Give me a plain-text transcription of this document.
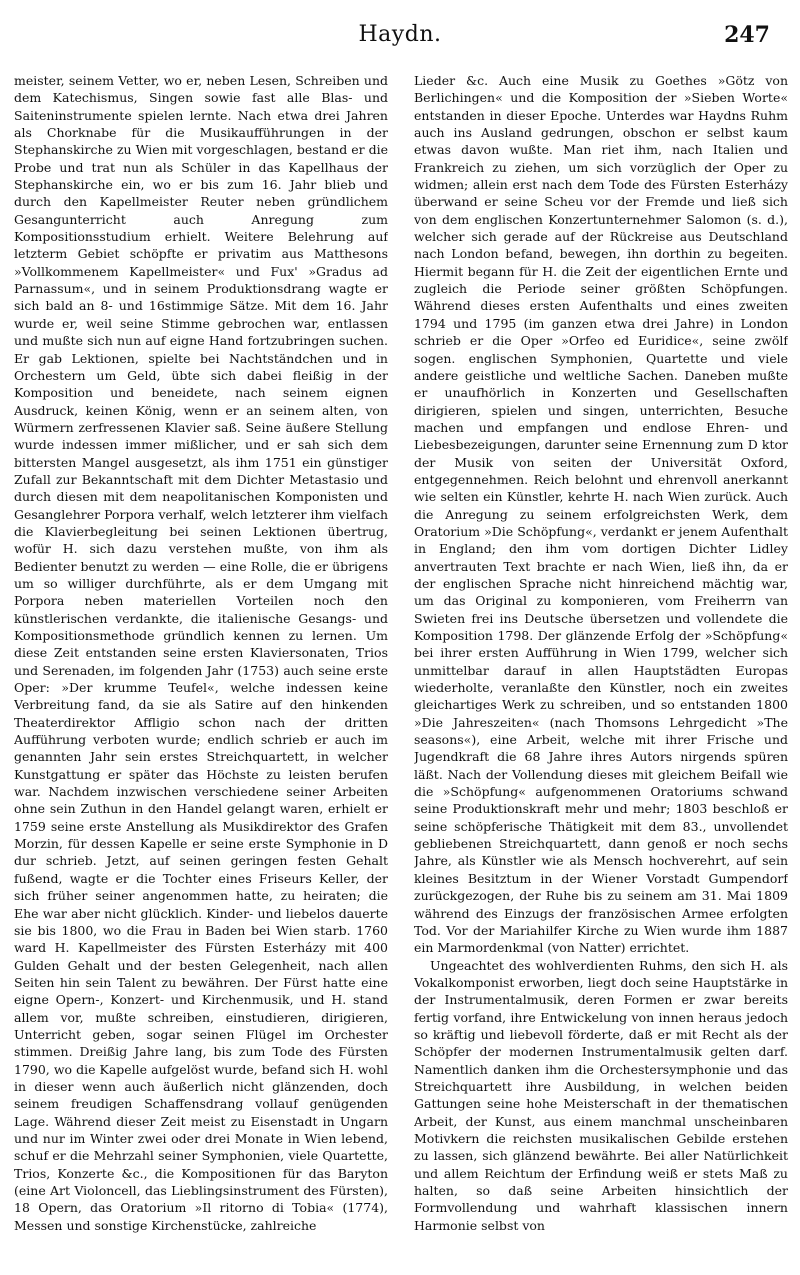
Haydn.	247

meister, seinem Vetter, wo er, neben Lesen, Schreiben und dem Katechismus, Singen sowie fast alle Blas- und Saiteninstrumente spielen lernte. Nach etwa drei Jahren als Chorknabe für die Musikaufführungen in der Stephanskirche zu Wien mit vorgeschlagen, bestand er die Probe und trat nun als Schüler in das Kapellhaus der Stephanskirche ein, wo er bis zum 16. Jahr blieb und durch den Kapellmeister Reuter neben gründlichem Gesangunterricht auch Anregung zum Kompositionsstudium erhielt. Weitere Belehrung auf letzterm Gebiet schöpfte er privatim aus Matthesons »Vollkommenem Kapellmeister« und Fux' »Gradus ad Parnassum«, und in seinem Produktionsdrang wagte er sich bald an 8- und 16stimmige Sätze. Mit dem 16. Jahr wurde er, weil seine Stimme gebrochen war, entlassen und mußte sich nun auf eigne Hand fortzubringen suchen. Er gab Lektionen, spielte bei Nachtständchen und in Orchestern um Geld, übte sich dabei fleißig in der Komposition und beneidete, nach seinem eignen Ausdruck, keinen König, wenn er an seinem alten, von Würmern zerfressenen Klavier saß. Seine äußere Stellung wurde indessen immer mißlicher, und er sah sich dem bittersten Mangel ausgesetzt, als ihm 1751 ein günstiger Zufall zur Bekanntschaft mit dem Dichter Metastasio und durch diesen mit dem neapolitanischen Komponisten und Gesanglehrer Porpora verhalf, welch letzterer ihm vielfach die Klavierbegleitung bei seinen Lektionen übertrug, wofür H. sich dazu verstehen mußte, von ihm als Bedienter benutzt zu werden — eine Rolle, die er übrigens um so williger durchführte, als er dem Umgang mit Porpora neben materiellen Vorteilen noch den künstlerischen verdankte, die italienische Gesangs- und Kompositionsmethode gründlich kennen zu lernen. Um diese Zeit entstanden seine ersten Klaviersonaten, Trios und Serenaden, im folgenden Jahr (1753) auch seine erste Oper: »Der krumme Teufel«, welche indessen keine Verbreitung fand, da sie als Satire auf den hinkenden Theaterdirektor Affligio schon nach der dritten Aufführung verboten wurde; endlich schrieb er auch im genannten Jahr sein erstes Streichquartett, in welcher Kunstgattung er später das Höchste zu leisten berufen war. Nachdem inzwischen verschiedene seiner Arbeiten ohne sein Zuthun in den Handel gelangt waren, erhielt er 1759 seine erste Anstellung als Musikdirektor des Grafen Morzin, für dessen Kapelle er seine erste Symphonie in D dur schrieb. Jetzt, auf seinen geringen festen Gehalt fußend, wagte er die Tochter eines Friseurs Keller, der sich früher seiner angenommen hatte, zu heiraten; die Ehe war aber nicht glücklich. Kinder- und liebelos dauerte sie bis 1800, wo die Frau in Baden bei Wien starb. 1760 ward H. Kapellmeister des Fürsten Esterházy mit 400 Gulden Gehalt und der besten Gelegenheit, nach allen Seiten hin sein Talent zu bewähren. Der Fürst hatte eine eigne Opern-, Konzert- und Kirchenmusik, und H. stand allem vor, mußte schreiben, einstudieren, dirigieren, Unterricht geben, sogar seinen Flügel im Orchester stimmen. Dreißig Jahre lang, bis zum Tode des Fürsten 1790, wo die Kapelle aufgelöst wurde, befand sich H. wohl in dieser wenn auch äußerlich nicht glänzenden, doch seinem freudigen Schaffensdrang vollauf genügenden Lage. Während dieser Zeit meist zu Eisenstadt in Ungarn und nur im Winter zwei oder drei Monate in Wien lebend, schuf er die Mehrzahl seiner Symphonien, viele Quartette, Trios, Konzerte &c., die Kompositionen für das Baryton (eine Art Violoncell, das Lieblingsinstrument des Fürsten), 18 Opern, das Oratorium »Il ritorno di Tobia« (1774), Messen und sonstige Kirchenstücke, zahlreiche

Lieder &c. Auch eine Musik zu Goethes »Götz von Berlichingen« und die Komposition der »Sieben Worte« entstanden in dieser Epoche. Unterdes war Haydns Ruhm auch ins Ausland gedrungen, obschon er selbst kaum etwas davon wußte. Man riet ihm, nach Italien und Frankreich zu ziehen, um sich vorzüglich der Oper zu widmen; allein erst nach dem Tode des Fürsten Esterházy überwand er seine Scheu vor der Fremde und ließ sich von dem englischen Konzertunternehmer Salomon (s. d.), welcher sich gerade auf der Rückreise aus Deutschland nach London befand, bewegen, ihn dorthin zu begeiten. Hiermit begann für H. die Zeit der eigentlichen Ernte und zugleich die Periode seiner größten Schöpfungen. Während dieses ersten Aufenthalts und eines zweiten 1794 und 1795 (im ganzen etwa drei Jahre) in London schrieb er die Oper »Orfeo ed Euridice«, seine zwölf sogen. englischen Symphonien, Quartette und viele andere geistliche und weltliche Sachen. Daneben mußte er unaufhörlich in Konzerten und Gesellschaften dirigieren, spielen und singen, unterrichten, Besuche machen und empfangen und endlose Ehren- und Liebesbezeigungen, darunter seine Ernennung zum D ktor der Musik von seiten der Universität Oxford, entgegennehmen. Reich belohnt und ehrenvoll anerkannt wie selten ein Künstler, kehrte H. nach Wien zurück. Auch die Anregung zu seinem erfolgreichsten Werk, dem Oratorium »Die Schöpfung«, verdankt er jenem Aufenthalt in England; den ihm vom dortigen Dichter Lidley anvertrauten Text brachte er nach Wien, ließ ihn, da er der englischen Sprache nicht hinreichend mächtig war, um das Original zu komponieren, vom Freiherrn van Swieten frei ins Deutsche übersetzen und vollendete die Komposition 1798. Der glänzende Erfolg der »Schöpfung« bei ihrer ersten Aufführung in Wien 1799, welcher sich unmittelbar darauf in allen Hauptstädten Europas wiederholte, veranlaßte den Künstler, noch ein zweites gleichartiges Werk zu schreiben, und so entstanden 1800 »Die Jahreszeiten« (nach Thomsons Lehrgedicht »The seasons«), eine Arbeit, welche mit ihrer Frische und Jugendkraft die 68 Jahre ihres Autors nirgends spüren läßt. Nach der Vollendung dieses mit gleichem Beifall wie die »Schöpfung« aufgenommenen Oratoriums schwand seine Produktionskraft mehr und mehr; 1803 beschloß er seine schöpferische Thätigkeit mit dem 83., unvollendet gebliebenen Streichquartett, dann genoß er noch sechs Jahre, als Künstler wie als Mensch hochverehrt, auf sein kleines Besitztum in der Wiener Vorstadt Gumpendorf zurückgezogen, der Ruhe bis zu seinem am 31. Mai 1809 während des Einzugs der französischen Armee erfolgten Tod. Vor der Mariahilfer Kirche zu Wien wurde ihm 1887 ein Marmordenkmal (von Natter) errichtet.

Ungeachtet des wohlverdienten Ruhms, den sich H. als Vokalkomponist erworben, liegt doch seine Hauptstärke in der Instrumentalmusik, deren Formen er zwar bereits fertig vorfand, ihre Entwickelung von innen heraus jedoch so kräftig und liebevoll förderte, daß er mit Recht als der Schöpfer der modernen Instrumentalmusik gelten darf. Namentlich danken ihm die Orchestersymphonie und das Streichquartett ihre Ausbildung, in welchen beiden Gattungen seine hohe Meisterschaft in der thematischen Arbeit, der Kunst, aus einem manchmal unscheinbaren Motivkern die reichsten musikalischen Gebilde erstehen zu lassen, sich glänzend bewährte. Bei aller Natürlichkeit und allem Reichtum der Erfindung weiß er stets Maß zu halten, so daß seine Arbeiten hinsichtlich der Formvollendung und wahrhaft klassischen innern Harmonie selbst von
